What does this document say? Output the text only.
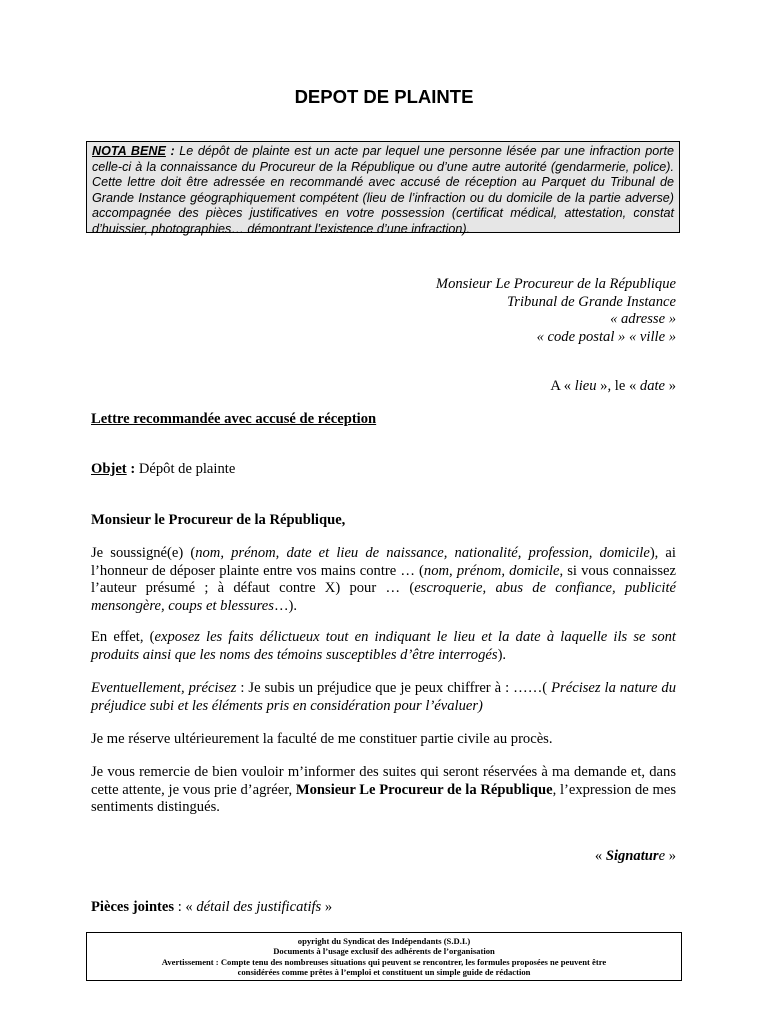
DEPOT DE PLAINTE
NOTA BENE : Le dépôt de plainte est un acte par lequel une personne lésée par une infraction porte celle-ci à la connaissance du Procureur de la République ou d’une autre autorité (gendarmerie, police). Cette lettre doit être adressée en recommandé avec accusé de réception au Parquet du Tribunal de Grande Instance géographiquement compétent (lieu de l’infraction ou du domicile de la partie adverse) accompagnée des pièces justificatives en votre possession (certificat médical, attestation, constat d’huissier, photographies… démontrant l’existence d’une infraction).
Monsieur Le Procureur de la République
Tribunal de Grande Instance
« adresse »
« code postal » « ville »
A « lieu », le « date »
Lettre recommandée avec accusé de réception
Objet : Dépôt de plainte
Monsieur le Procureur de la République,
Je soussigné(e) (nom, prénom, date et lieu de naissance, nationalité, profession, domicile), ai l’honneur de déposer plainte entre vos mains contre … (nom, prénom, domicile, si vous connaissez l’auteur présumé ; à défaut contre X) pour … (escroquerie, abus de confiance, publicité mensongère, coups et blessures…).
En effet, (exposez les faits délictueux tout en indiquant le lieu et la date à laquelle ils se sont produits ainsi que les noms des témoins susceptibles d’être interrogés).
Eventuellement, précisez : Je subis un préjudice que je peux chiffrer à : ……( Précisez la nature du préjudice subi et les éléments pris en considération pour l’évaluer)
Je me réserve ultérieurement la faculté de me constituer partie civile au procès.
Je vous remercie de bien vouloir m’informer des suites qui seront réservées à ma demande et, dans cette attente, je vous prie d’agréer, Monsieur Le Procureur de la République, l’expression de mes sentiments distingués.
« Signature »
Pièces jointes : « détail des justificatifs »
opyright du Syndicat des Indépendants (S.D.I.)
Documents à l’usage exclusif des adhérents de l’organisation
Avertissement : Compte tenu des nombreuses situations qui peuvent se rencontrer, les formules proposées ne peuvent être
considérées comme prêtes à l’emploi et constituent un simple guide de rédaction
